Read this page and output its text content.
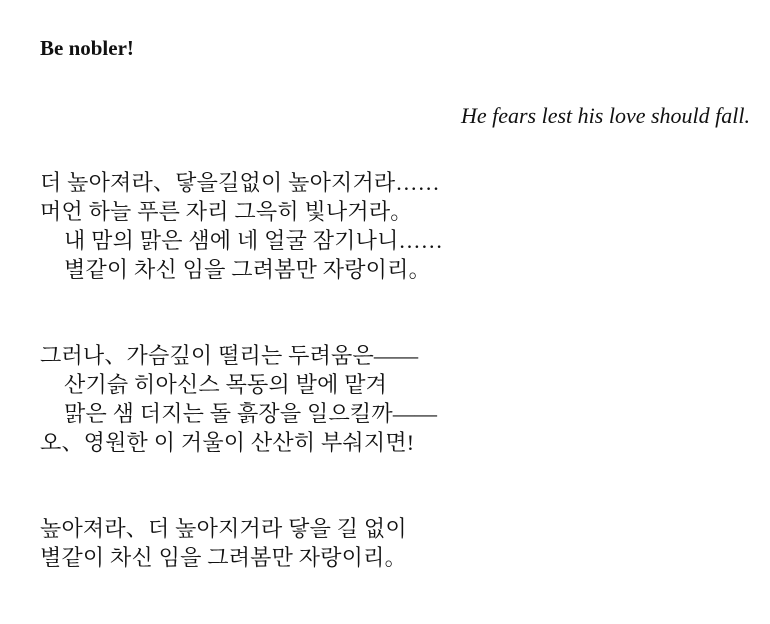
Be nobler!
He fears lest his love should fall.
더 높아져라、닿을길없이 높아지거라……
머언 하늘 푸른 자리 그윽히 빛나거라。
내 맘의 맑은 샘에 네 얼굴 잠기나니……
별같이 차신 임을 그려봄만 자랑이리。
그러나、가슴깊이 떨리는 두려움은——
산기슭 히아신스 목동의 발에 맡겨
맑은 샘 더지는 돌 흙장을 일으킬까——
오、영원한 이 거울이 산산히 부숴지면!
높아져라、더 높아지거라 닿을 길 없이
별같이 차신 임을 그려봄만 자랑이리。
